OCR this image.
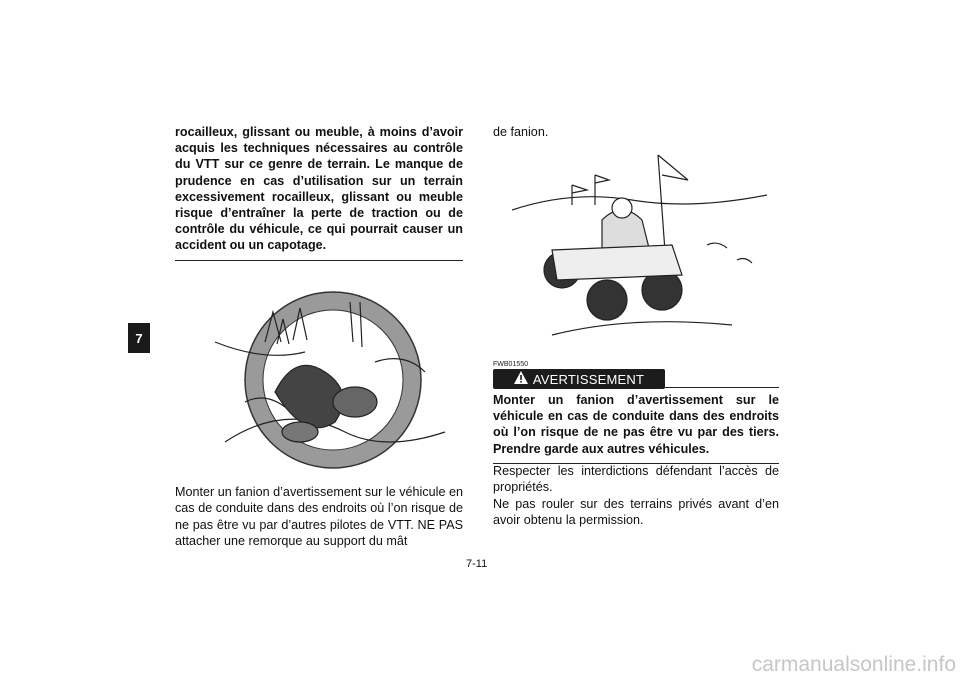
7
rocailleux, glissant ou meuble, à moins d’avoir acquis les techniques nécessaires au contrôle du VTT sur ce genre de terrain. Le manque de prudence en cas d’utilisation sur un terrain excessivement rocailleux, glissant ou meuble risque d’entraîner la perte de traction ou de contrôle du véhicule, ce qui pourrait causer un accident ou un capotage.

Monter un fanion d’avertissement sur le véhicule en cas de conduite dans des endroits où l’on risque de ne pas être vu par d’autres pilotes de VTT. NE PAS attacher une remorque au support du mât

de fanion.

FWB01550
AVERTISSEMENT
Monter un fanion d’avertissement sur le véhicule en cas de conduite dans des endroits où l’on risque de ne pas être vu par des tiers. Prendre garde aux autres véhicules.

Respecter les interdictions défendant l’accès de propriétés.

Ne pas rouler sur des terrains privés avant d’en avoir obtenu la permission.

7-11
carmanualsonline.info
